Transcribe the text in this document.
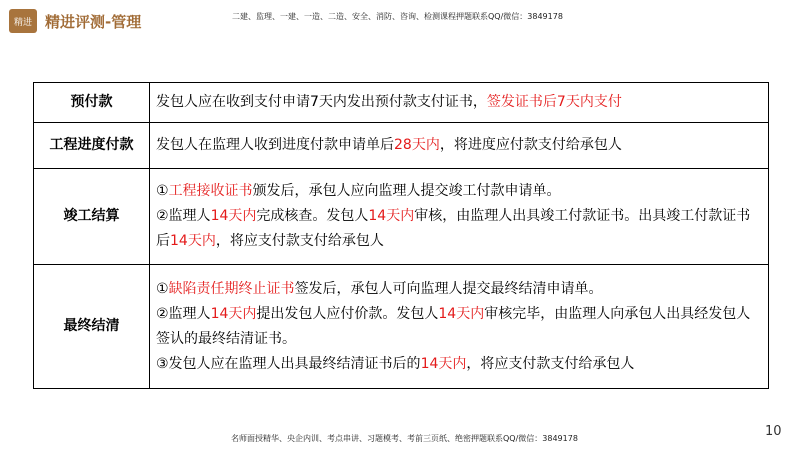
精进 精进评测-管理	二建、监理、一建、一造、二造、安全、消防、咨询、检测课程押题联系QQ/微信：3849178
预付款	发包人应在收到支付申请7天内发出预付款支付证书，签发证书后7天内支付
工程进度付款	发包人在监理人收到进度付款申请单后28天内，将进度应付款支付给承包人
竣工结算	①工程接收证书颁发后，承包人应向监理人提交竣工付款申请单。
②监理人14天内完成核查。发包人14天内审核，由监理人出具竣工付款证书。出具竣工付款证书后14天内，将应支付款支付给承包人

最终结清	①缺陷责任期终止证书签发后，承包人可向监理人提交最终结清申请单。
②监理人14天内提出发包人应付价款。发包人14天内审核完毕，由监理人向承包人出具经发包人签认的最终结清证书。
③发包人应在监理人出具最终结清证书后的14天内，将应支付款支付给承包人
10
名师面授精华、央企内训、考点串讲、习题模考、考前三页纸、绝密押题联系QQ/微信：3849178
